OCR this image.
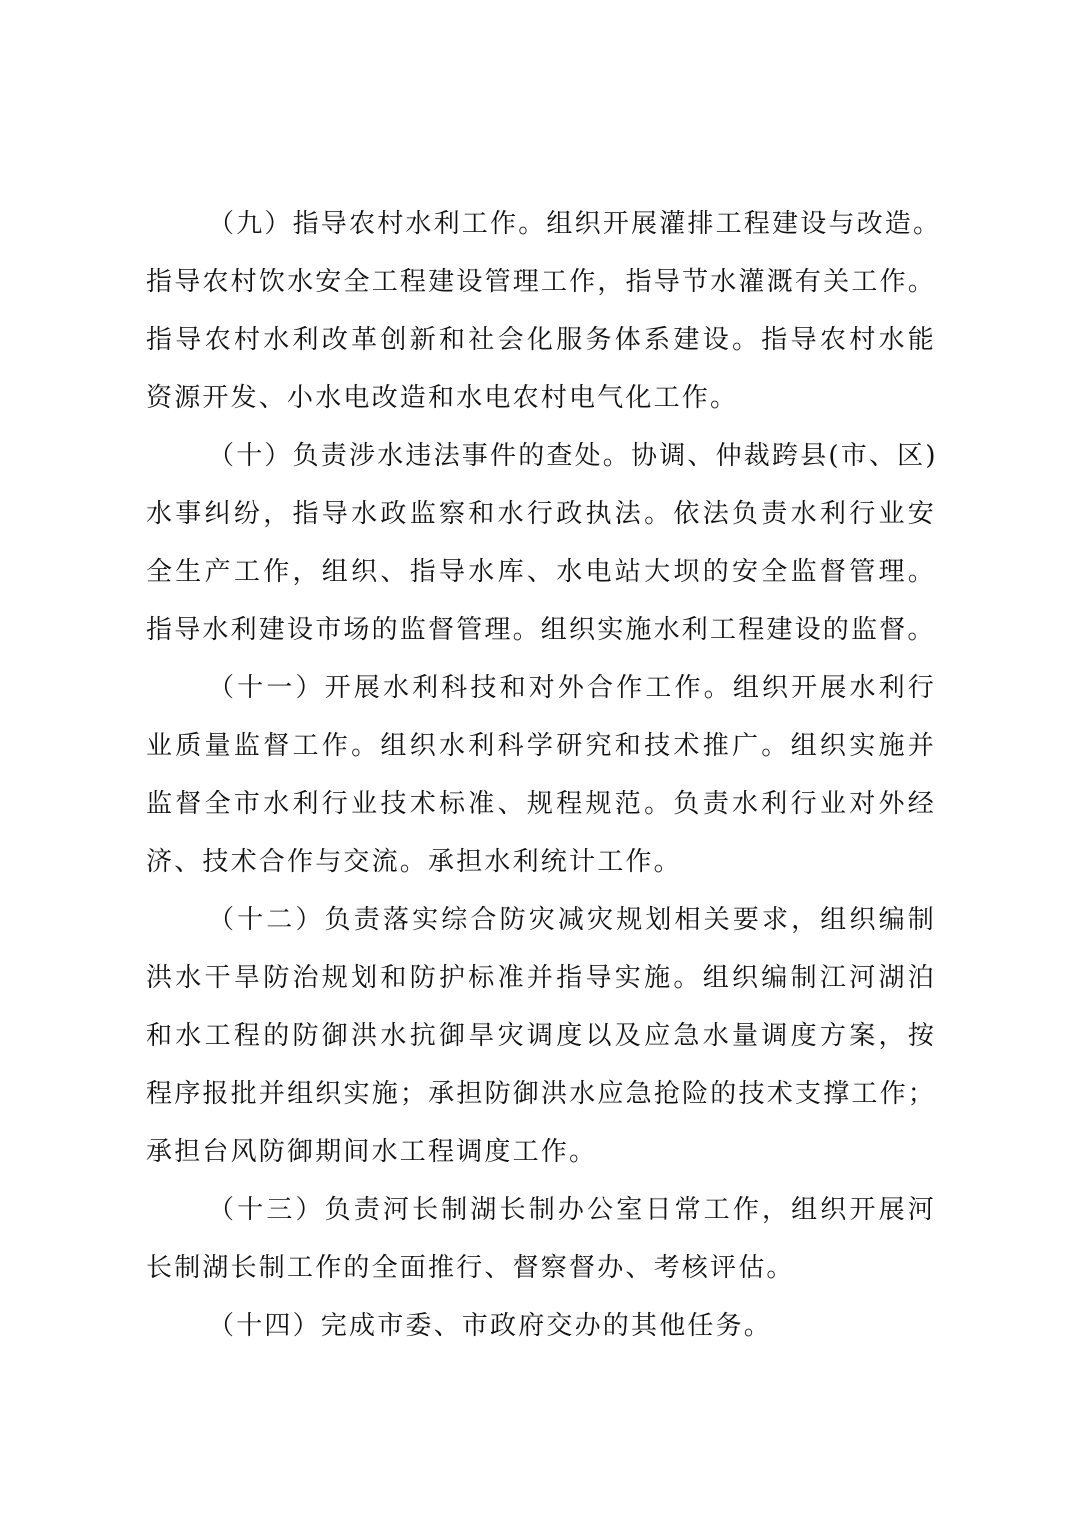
（九）指导农村水利工作。组织开展灌排工程建设与改造。
指导农村饮水安全工程建设管理工作，指导节水灌溉有关工作。
指导农村水利改革创新和社会化服务体系建设。指导农村水能
资源开发、小水电改造和水电农村电气化工作。
（十）负责涉水违法事件的查处。协调、仲裁跨县(市、区)
水事纠纷，指导水政监察和水行政执法。依法负责水利行业安
全生产工作，组织、指导水库、水电站大坝的安全监督管理。
指导水利建设市场的监督管理。组织实施水利工程建设的监督。
（十一）开展水利科技和对外合作工作。组织开展水利行
业质量监督工作。组织水利科学研究和技术推广。组织实施并
监督全市水利行业技术标准、规程规范。负责水利行业对外经
济、技术合作与交流。承担水利统计工作。
（十二）负责落实综合防灾减灾规划相关要求，组织编制
洪水干旱防治规划和防护标准并指导实施。组织编制江河湖泊
和水工程的防御洪水抗御旱灾调度以及应急水量调度方案，按
程序报批并组织实施；承担防御洪水应急抢险的技术支撑工作；
承担台风防御期间水工程调度工作。
（十三）负责河长制湖长制办公室日常工作，组织开展河
长制湖长制工作的全面推行、督察督办、考核评估。
（十四）完成市委、市政府交办的其他任务。
